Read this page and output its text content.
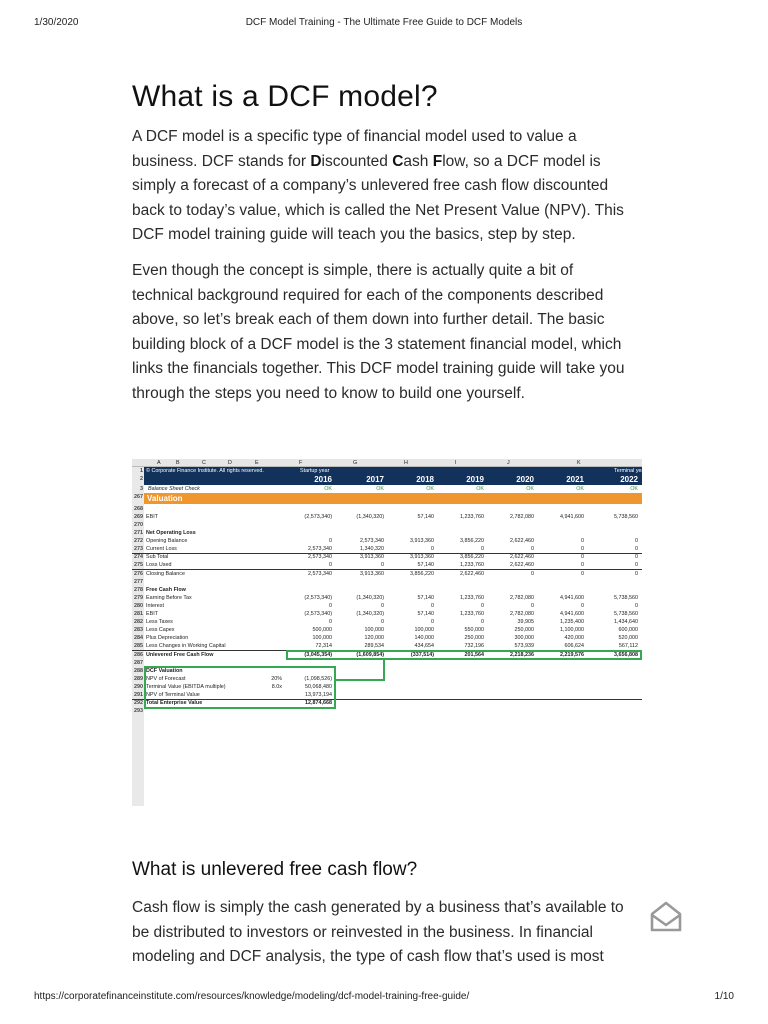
1/30/2020	DCF Model Training - The Ultimate Free Guide to DCF Models
What is a DCF model?

A DCF model is a specific type of financial model used to value a business. DCF stands for Discounted Cash Flow, so a DCF model is simply a forecast of a company’s unlevered free cash flow discounted back to today’s value, which is called the Net Present Value (NPV). This DCF model training guide will teach you the basics, step by step.

Even though the concept is simple, there is actually quite a bit of technical background required for each of the components described above, so let’s break each of them down into further detail. The basic building block of a DCF model is the 3 statement financial model, which links the financials together. This DCF model training guide will take you through the steps you need to know to build one yourself.

What is unlevered free cash flow?

Cash flow is simply the cash generated by a business that’s available to be distributed to investors or reinvested in the business. In financial modeling and DCF analysis, the type of cash flow that’s used is most

A	B	C	D	E	F	G	H	I	J	K
1 © Corporate Finance Institute. All rights reserved.	Startup year	Terminal year
2	2016	2017	2018	2019	2020	2021	2022
3 Balance Sheet Check	OK	OK	OK	OK	OK	OK	OK
267 Valuation
268
269 EBIT	(2,573,340)	(1,340,320)	57,140	1,233,760	2,782,080	4,941,600	5,738,560
270
271 Net Operating Loss
272 Opening Balance	0	2,573,340	3,913,360	3,856,220	2,622,460	0	0
273 Current Loss	2,573,340	1,340,320	0	0	0	0	0
274 Sub Total	2,573,340	3,913,360	3,913,360	3,856,220	2,622,460	0	0
275 Loss Used	0	0	57,140	1,233,760	2,622,460	0	0
276 Closing Balance	2,573,340	3,913,360	3,856,220	2,622,460	0	0	0
277
278 Free Cash Flow
279 Earning Before Tax	(2,573,340)	(1,340,320)	57,140	1,233,760	2,782,080	4,941,600	5,738,560
280 Interest	0	0	0	0	0	0	0
281 EBIT	(2,573,340)	(1,340,320)	57,140	1,233,760	2,782,080	4,941,600	5,738,560
282 Less Taxes	0	0	0	0	39,905	1,235,400	1,434,640
283 Less Capex	500,000	100,000	100,000	550,000	250,000	1,100,000	600,000
284 Plus Depreciation	100,000	120,000	140,000	250,000	300,000	420,000	520,000
285 Less Changes in Working Capital	72,314	289,534	434,654	732,196	573,939	606,624	567,112
286 Unlevered Free Cash Flow	(3,045,354)	(1,609,854)	(337,514)	201,564	2,218,236	2,219,576	3,656,808
287
288 DCF Valuation
289 NPV of Forecast	20%	(1,098,526)
290 Terminal Value (EBITDA multiple)	8.0x	50,068,480
291 NPV of Terminal Value	13,973,194
292 Total Enterprise Value	12,874,668
293
https://corporatefinanceinstitute.com/resources/knowledge/modeling/dcf-model-training-free-guide/	1/10
